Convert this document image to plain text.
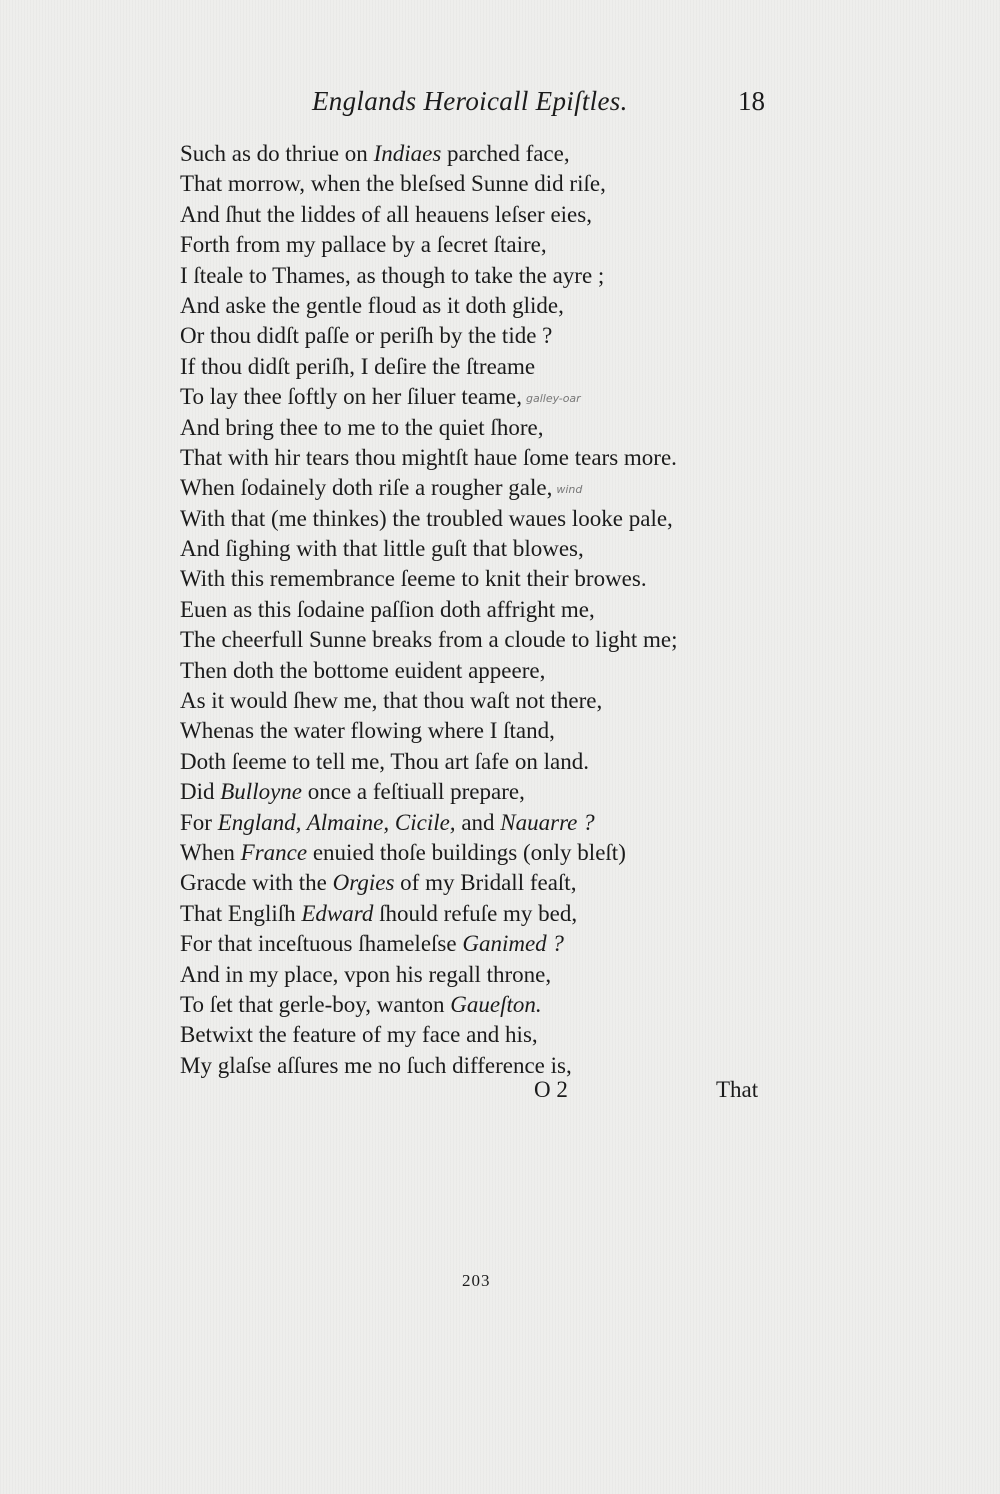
Englands Heroicall Epiſtles.	18
Such as do thriue on Indiaes parched face,
That morrow, when the bleſsed Sunne did riſe,
And ſhut the liddes of all heauens leſser eies,
Forth from my pallace by a ſecret ſtaire,
I ſteale to Thames, as though to take the ayre ;
And aske the gentle floud as it doth glide,
Or thou didſt paſſe or periſh by the tide ?
If thou didſt periſh, I deſire the ſtreame
To lay thee ſoftly on her ſiluer teame, galley-oar
And bring thee to me to the quiet ſhore,
That with hir tears thou mightſt haue ſome tears more.
When ſodainely doth riſe a rougher gale, wind
With that (me thinkes) the troubled waues looke pale,
And ſighing with that little guſt that blowes,
With this remembrance ſeeme to knit their browes.
Euen as this ſodaine paſſion doth affright me,
The cheerfull Sunne breaks from a cloude to light me;
Then doth the bottome euident appeere,
As it would ſhew me, that thou waſt not there,
Whenas the water flowing where I ſtand,
Doth ſeeme to tell me, Thou art ſafe on land.
Did Bulloyne once a feſtiuall prepare,
For England, Almaine, Cicile, and Nauarre ?
When France enuied thoſe buildings (only bleſt)
Gracde with the Orgies of my Bridall feaſt,
That Engliſh Edward ſhould refuſe my bed,
For that inceſtuous ſhameleſse Ganimed ?
And in my place, vpon his regall throne,
To ſet that gerle-boy, wanton Gaueſton.
Betwixt the feature of my face and his,
My glaſse aſſures me no ſuch difference is,
O 2	That
203
